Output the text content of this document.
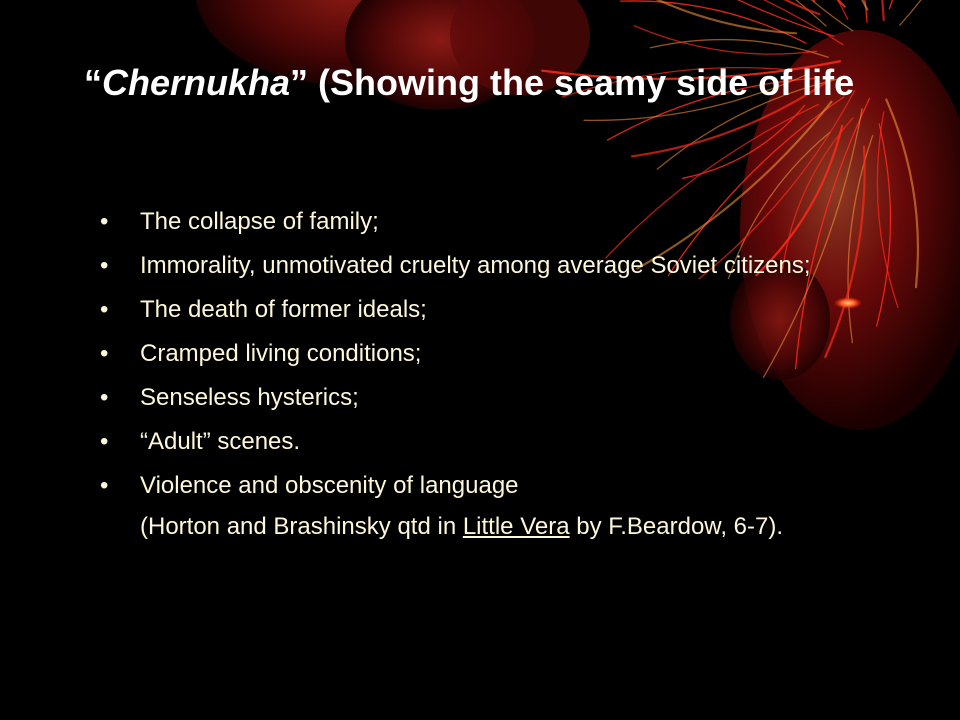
“Chernukha” (Showing the seamy side of life
• The collapse of family;
• Immorality, unmotivated cruelty among average Soviet citizens;
• The death of former ideals;
• Cramped living conditions;
• Senseless hysterics;
• “Adult” scenes.
• Violence and obscenity of language
(Horton and Brashinsky qtd in Little Vera by F.Beardow, 6-7).
